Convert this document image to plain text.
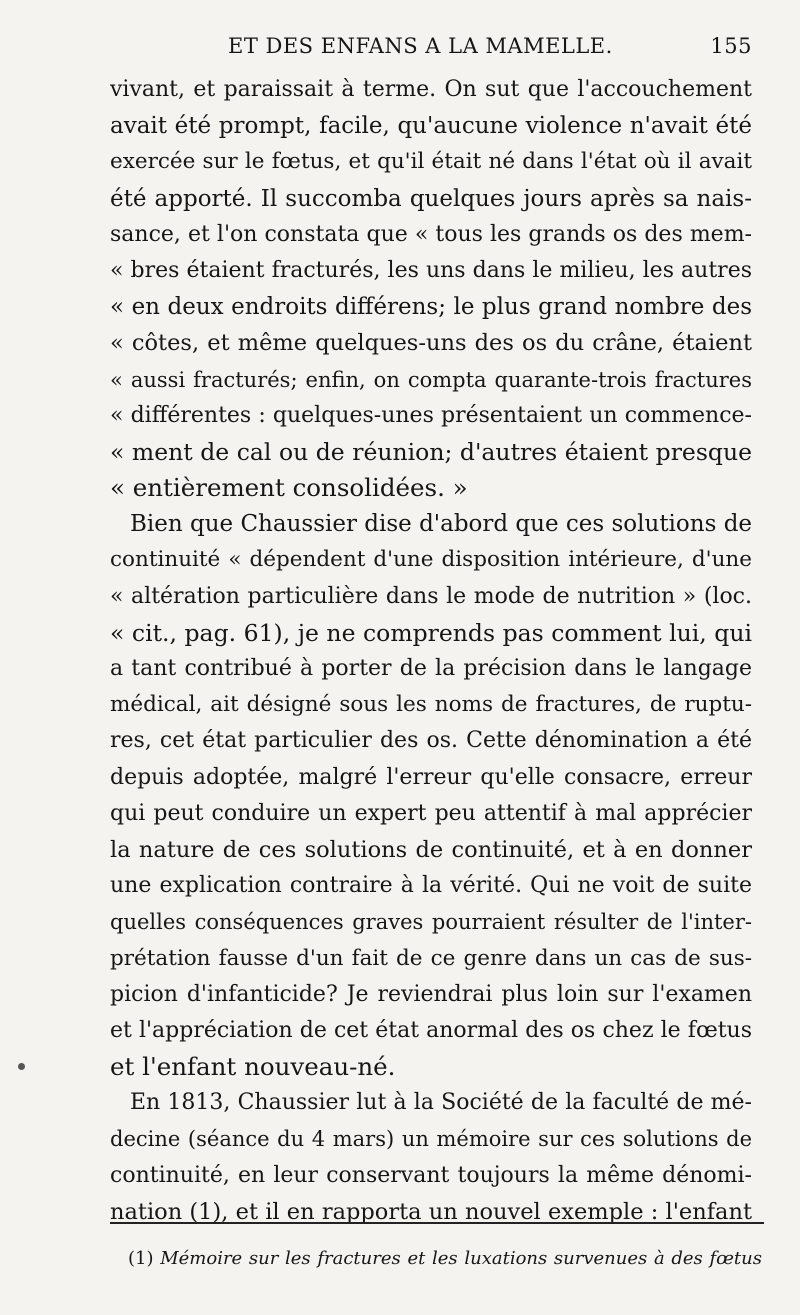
ET DES ENFANS A LA MAMELLE.	155
vivant, et paraissait à terme. On sut que l'accouchement
avait été prompt, facile, qu'aucune violence n'avait été
exercée sur le fœtus, et qu'il était né dans l'état où il avait
été apporté. Il succomba quelques jours après sa nais-
sance, et l'on constata que « tous les grands os des mem-
« bres étaient fracturés, les uns dans le milieu, les autres
« en deux endroits différens; le plus grand nombre des
« côtes, et même quelques-uns des os du crâne, étaient
« aussi fracturés; enfin, on compta quarante-trois fractures
« différentes : quelques-unes présentaient un commence-
« ment de cal ou de réunion; d'autres étaient presque
« entièrement consolidées. »
Bien que Chaussier dise d'abord que ces solutions de
continuité « dépendent d'une disposition intérieure, d'une
« altération particulière dans le mode de nutrition » (loc.
« cit., pag. 61), je ne comprends pas comment lui, qui
a tant contribué à porter de la précision dans le langage
médical, ait désigné sous les noms de fractures, de ruptu-
res, cet état particulier des os. Cette dénomination a été
depuis adoptée, malgré l'erreur qu'elle consacre, erreur
qui peut conduire un expert peu attentif à mal apprécier
la nature de ces solutions de continuité, et à en donner
une explication contraire à la vérité. Qui ne voit de suite
quelles conséquences graves pourraient résulter de l'inter-
prétation fausse d'un fait de ce genre dans un cas de sus-
picion d'infanticide? Je reviendrai plus loin sur l'examen
et l'appréciation de cet état anormal des os chez le fœtus
et l'enfant nouveau-né.
En 1813, Chaussier lut à la Société de la faculté de mé-
decine (séance du 4 mars) un mémoire sur ces solutions de
continuité, en leur conservant toujours la même dénomi-
nation (1), et il en rapporta un nouvel exemple : l'enfant
(1) Mémoire sur les fractures et les luxations survenues à des fœtus
